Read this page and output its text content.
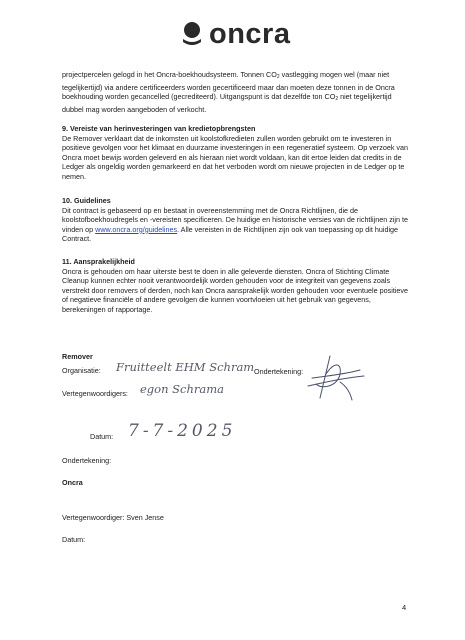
oncra

projectpercelen gelogd in het Oncra-boekhoudsysteem. Tonnen $CO_2$ vastlegging mogen wel (maar niet tegelijkertijd) via andere certificeerders worden gecertificeerd maar dan moeten deze tonnen in de Oncra boekhouding worden gecancelled (gecrediteerd). Uitgangspunt is dat dezelfde ton $CO_2$ niet tegelijkertijd dubbel mag worden aangeboden of verkocht.

9. Vereiste van herinvesteringen van kredietopbrengsten

De Remover verklaart dat de inkomsten uit koolstofkredieten zullen worden gebruikt om te investeren in positieve gevolgen voor het klimaat en duurzame investeringen in een regeneratief systeem. Op verzoek van Oncra moet bewijs worden geleverd en als hieraan niet wordt voldaan, kan dit ertoe leiden dat credits in de Ledger als ongeldig worden gemarkeerd en dat het verboden wordt om nieuwe projecten in de Ledger op te nemen.

10. Guidelines

Dit contract is gebaseerd op en bestaat in overeenstemming met de Oncra Richtlijnen, die de koolstofboekhoudregels en -vereisten specificeren. De huidige en historische versies van de richtlijnen zijn te vinden op www.oncra.org/guidelines. Alle vereisten in de Richtlijnen zijn ook van toepassing op dit huidige Contract.

11. Aansprakelijkheid

Oncra is gehouden om haar uiterste best te doen in alle geleverde diensten. Oncra of Stichting Climate Cleanup kunnen echter nooit verantwoordelijk worden gehouden voor de integriteit van gegevens zoals verstrekt door removers of derden, noch kan Oncra aansprakelijk worden gehouden voor eventuele positieve of negatieve financiële of andere gevolgen die kunnen voortvloeien uit het gebruik van gegevens, berekeningen of rapportage.

Remover
Organisatie: Fruitteelt EHM Schram Ondertekening:
Vertegenwoordigers: egon Schrama
Datum: 7-7-2025
Ondertekening:
Oncra
Vertegenwoordiger: Sven Jense
Datum:
4
